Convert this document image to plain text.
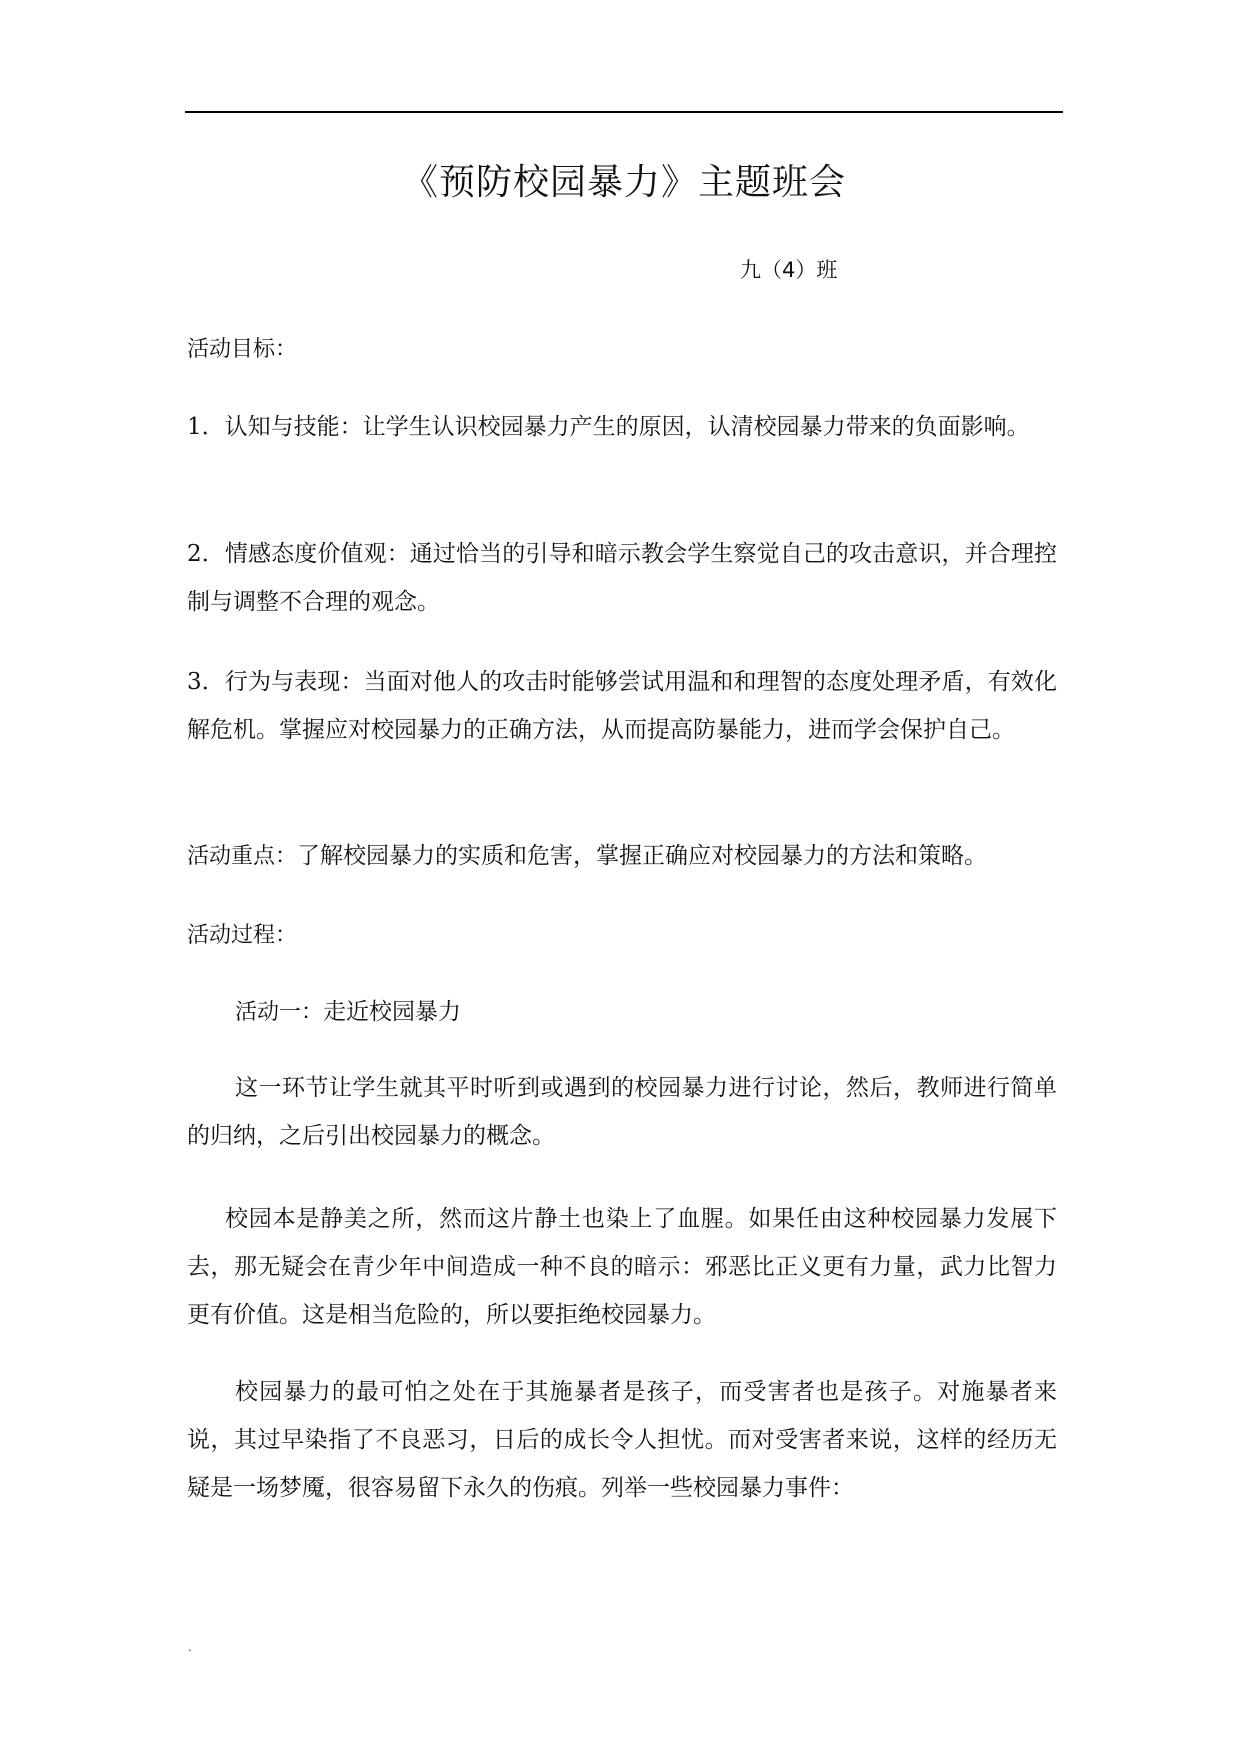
《预防校园暴力》主题班会
九（4）班
活动目标：
1．认知与技能：让学生认识校园暴力产生的原因，认清校园暴力带来的负面影响。
2．情感态度价值观：通过恰当的引导和暗示教会学生察觉自己的攻击意识，并合理控制与调整不合理的观念。
3．行为与表现：当面对他人的攻击时能够尝试用温和和理智的态度处理矛盾，有效化解危机。掌握应对校园暴力的正确方法，从而提高防暴能力，进而学会保护自己。
活动重点：了解校园暴力的实质和危害，掌握正确应对校园暴力的方法和策略。
活动过程：
活动一：走近校园暴力
这一环节让学生就其平时听到或遇到的校园暴力进行讨论，然后，教师进行简单的归纳，之后引出校园暴力的概念。
校园本是静美之所，然而这片静土也染上了血腥。如果任由这种校园暴力发展下去，那无疑会在青少年中间造成一种不良的暗示：邪恶比正义更有力量，武力比智力更有价值。这是相当危险的，所以要拒绝校园暴力。
校园暴力的最可怕之处在于其施暴者是孩子，而受害者也是孩子。对施暴者来说，其过早染指了不良恶习，日后的成长令人担忧。而对受害者来说，这样的经历无疑是一场梦魇，很容易留下永久的伤痕。列举一些校园暴力事件：
.
